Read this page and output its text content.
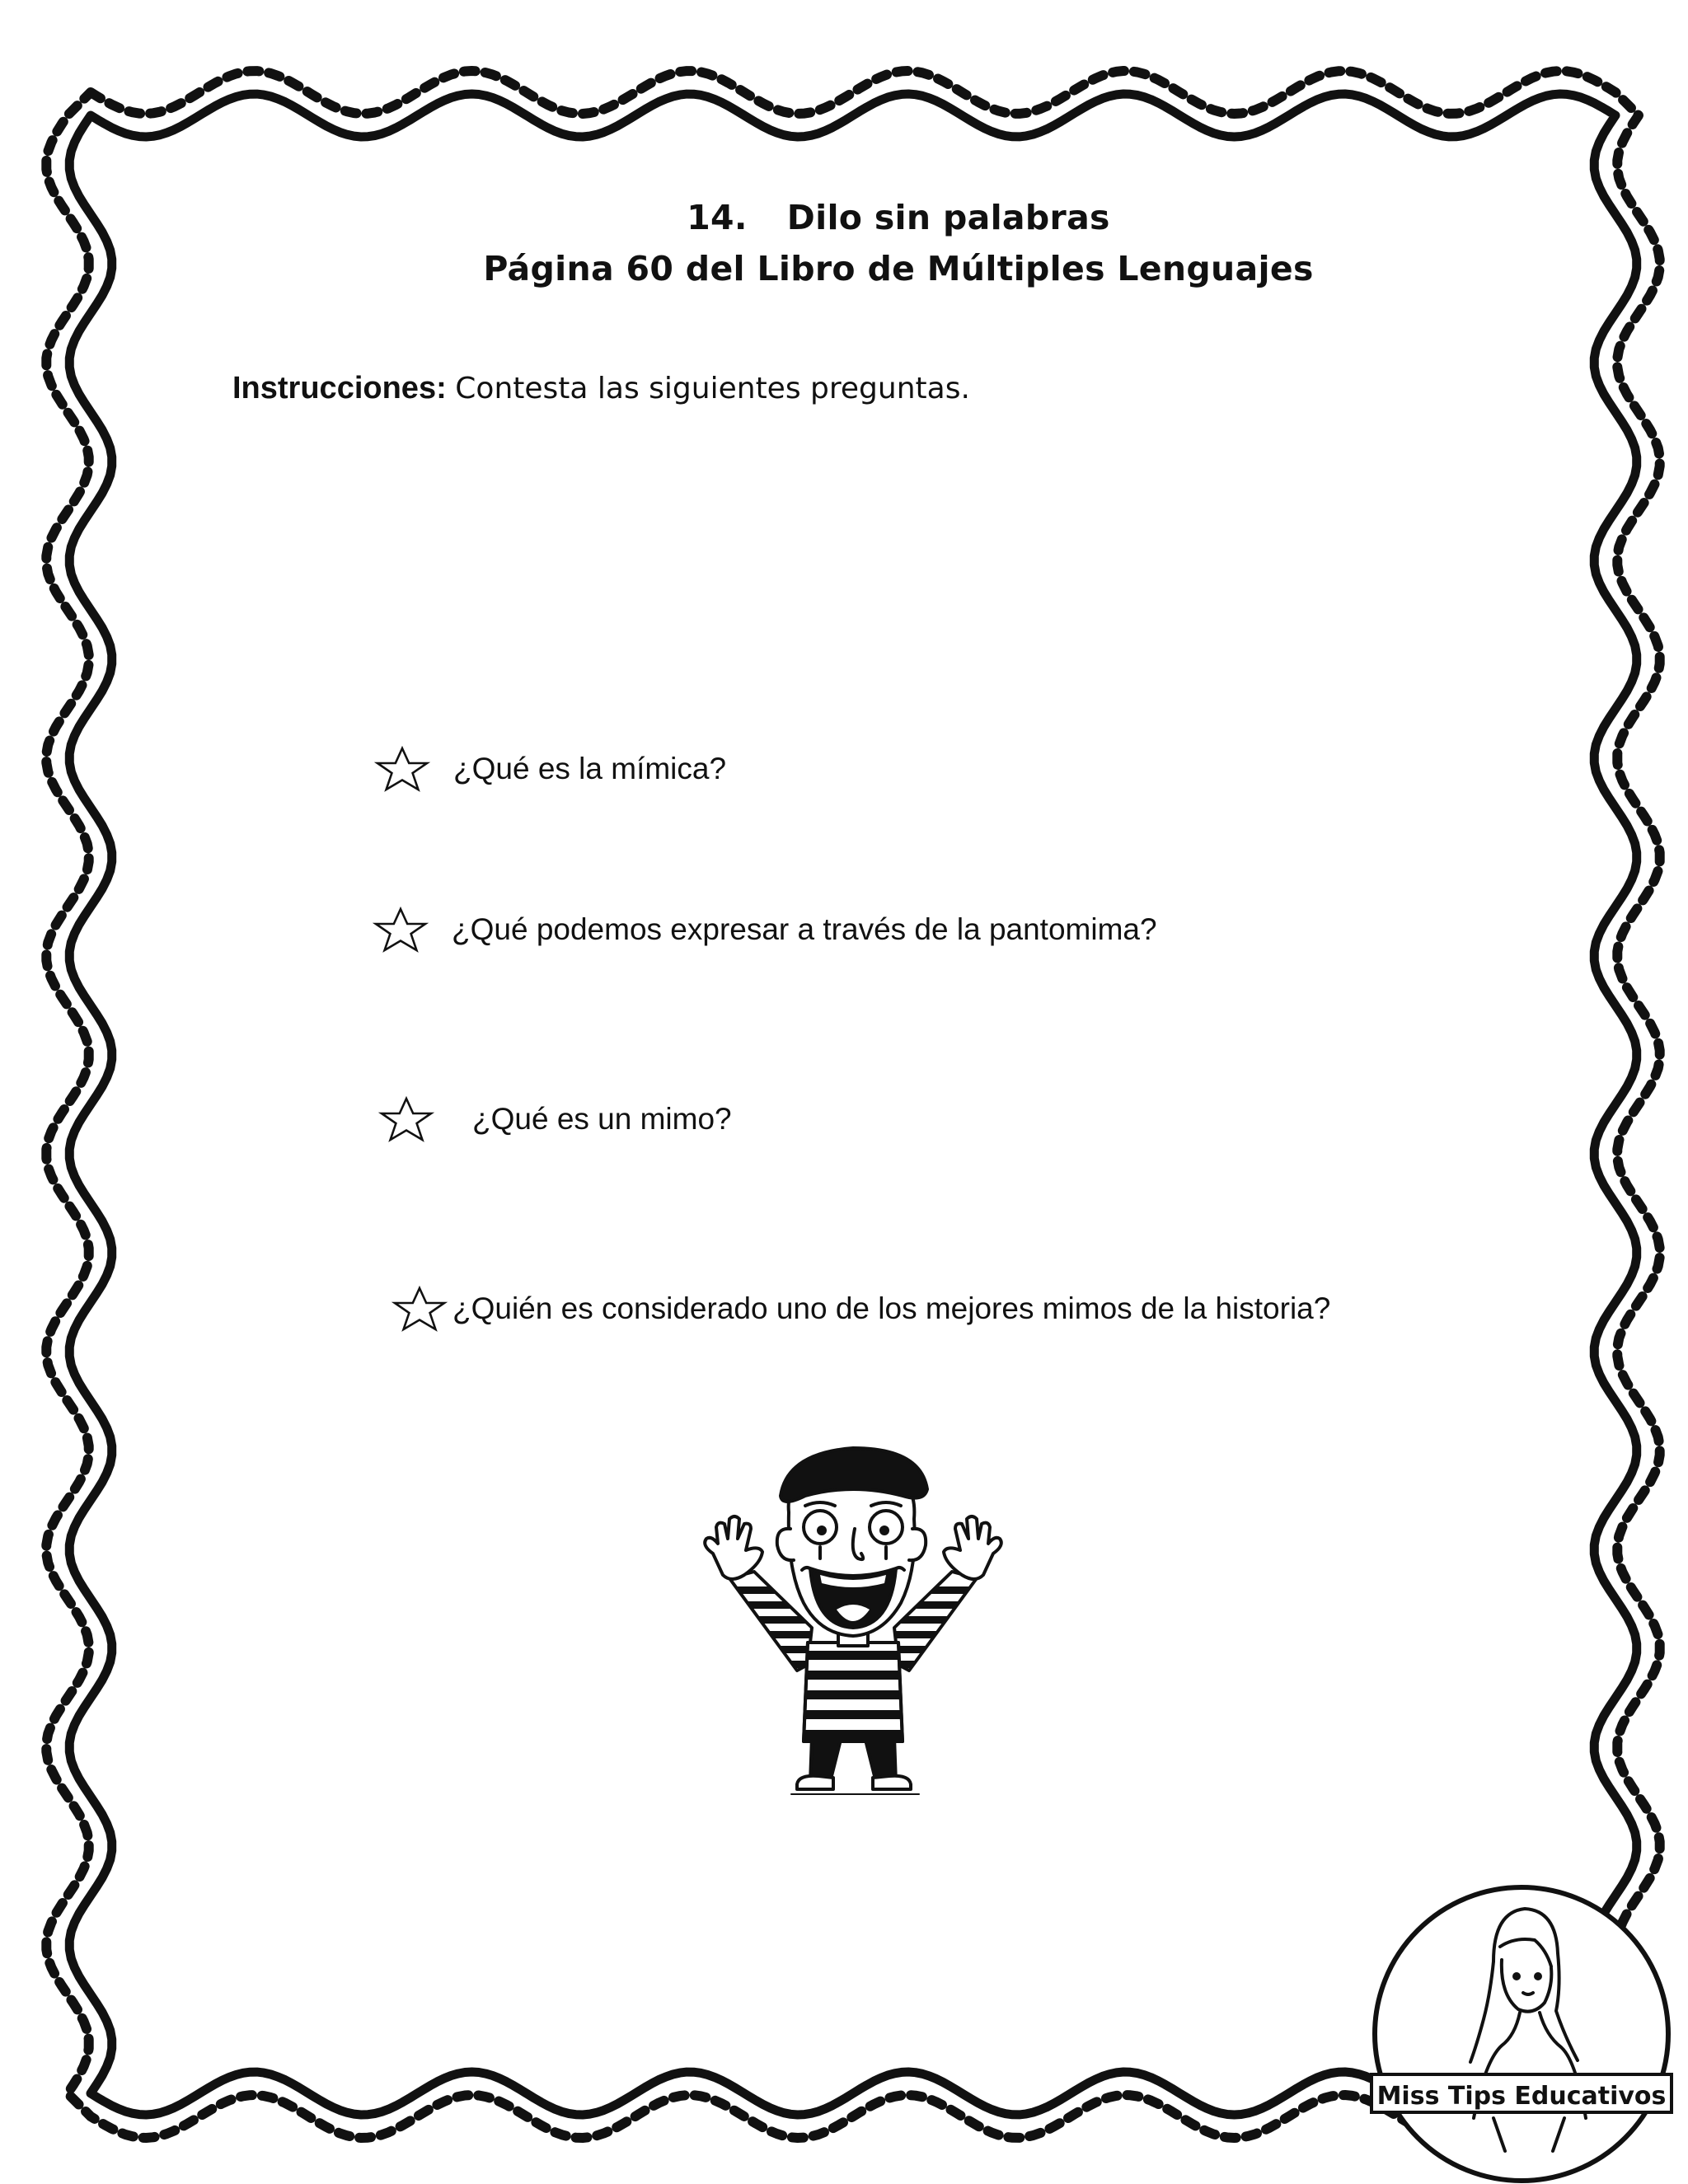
14. Dilo sin palabras
Página 60 del Libro de Múltiples Lenguajes
Instrucciones: Contesta las siguientes preguntas.
¿Qué es la mímica?
¿Qué podemos expresar a través de la pantomima?
¿Qué es un mimo?
¿Quién es considerado uno de los mejores mimos de la historia?
Miss Tips Educativos
